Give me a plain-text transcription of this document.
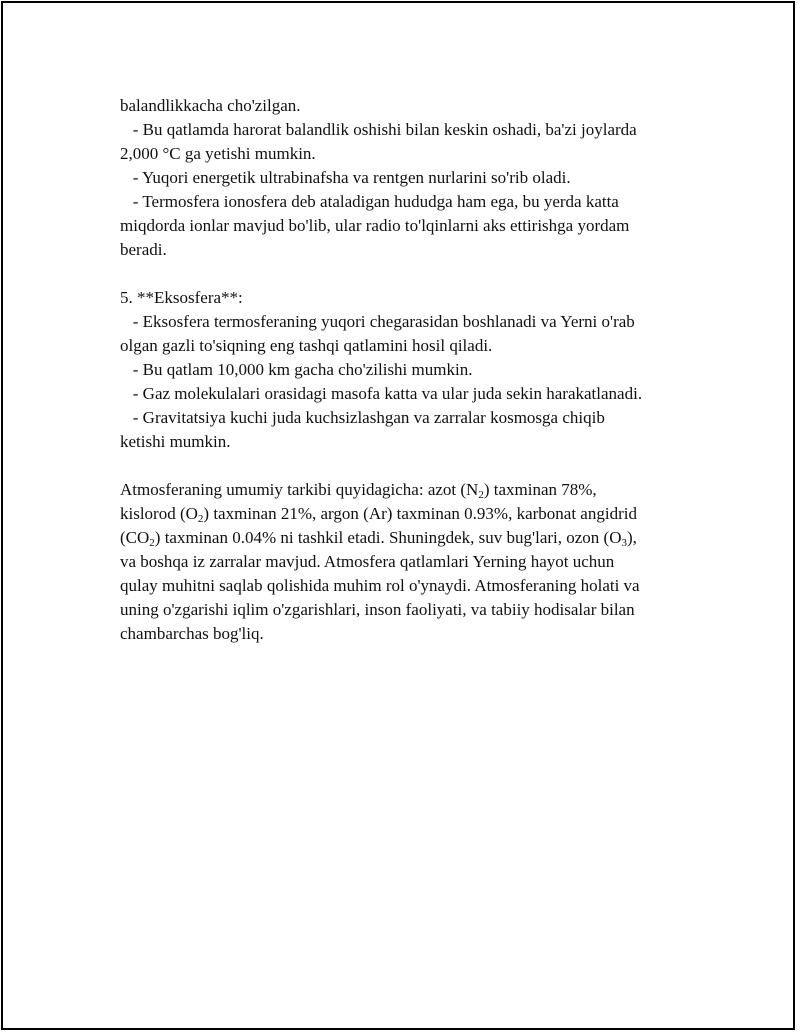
balandlikkacha cho'zilgan.
- Bu qatlamda harorat balandlik oshishi bilan keskin oshadi, ba'zi joylarda
2,000 °C ga yetishi mumkin.
- Yuqori energetik ultrabinafsha va rentgen nurlarini so'rib oladi.
- Termosfera ionosfera deb ataladigan hududga ham ega, bu yerda katta
miqdorda ionlar mavjud bo'lib, ular radio to'lqinlarni aks ettirishga yordam
beradi.
5. **Eksosfera**:
- Eksosfera termosferaning yuqori chegarasidan boshlanadi va Yerni o'rab
olgan gazli to'siqning eng tashqi qatlamini hosil qiladi.
- Bu qatlam 10,000 km gacha cho'zilishi mumkin.
- Gaz molekulalari orasidagi masofa katta va ular juda sekin harakatlanadi.
- Gravitatsiya kuchi juda kuchsizlashgan va zarralar kosmosga chiqib
ketishi mumkin.
Atmosferaning umumiy tarkibi quyidagicha: azot $(N_2)$ taxminan 78%,
kislorod $(O_2)$ taxminan 21%, argon (Ar) taxminan 0.93%, karbonat angidrid
$(CO_2)$ taxminan 0.04% ni tashkil etadi. Shuningdek, suv bug'lari, ozon $(O_3)$,
va boshqa iz zarralar mavjud. Atmosfera qatlamlari Yerning hayot uchun
qulay muhitni saqlab qolishida muhim rol o'ynaydi. Atmosferaning holati va
uning o'zgarishi iqlim o'zgarishlari, inson faoliyati, va tabiiy hodisalar bilan
chambarchas bog'liq.
